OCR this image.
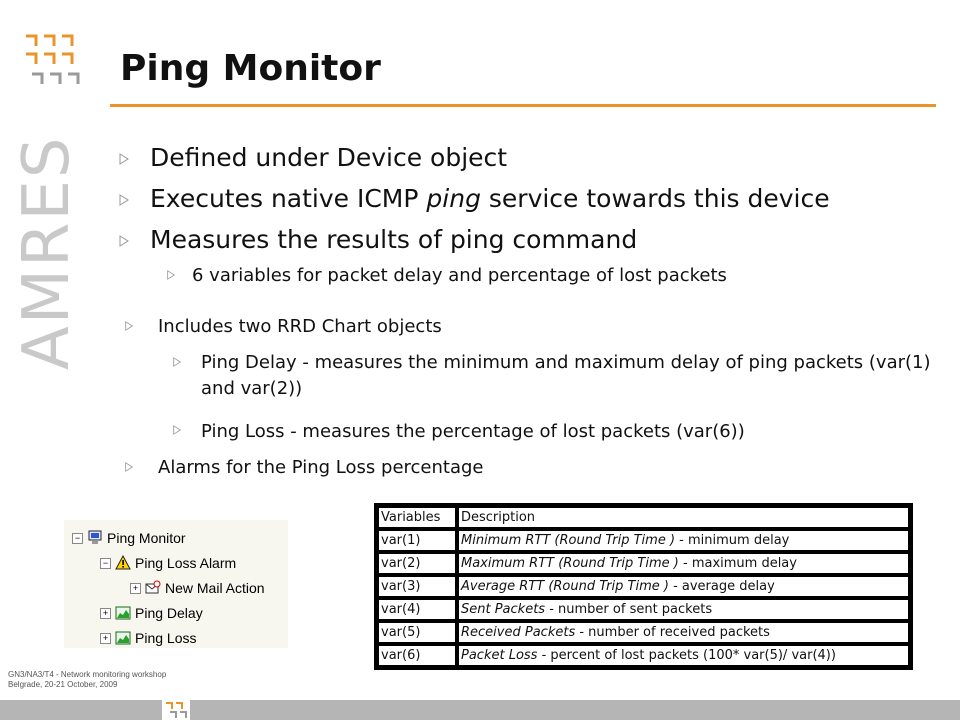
AMRES
Ping Monitor
Defined under Device object
Executes native ICMP ping service towards this device
Measures the results of ping command
6 variables for packet delay and percentage of lost packets
Includes two RRD Chart objects
Ping Delay - measures the minimum and maximum delay of ping packets (var(1) and var(2))
Ping Loss - measures the percentage of lost packets (var(6))
Alarms for the Ping Loss percentage
− Ping Monitor
− Ping Loss Alarm
+ New Mail Action
+ Ping Delay
+ Ping Loss
Variables	Description
var(1)	Minimum RTT (Round Trip Time ) - minimum delay
var(2)	Maximum RTT (Round Trip Time ) - maximum delay
var(3)	Average RTT (Round Trip Time ) - average delay
var(4)	Sent Packets - number of sent packets
var(5)	Received Packets - number of received packets
var(6)	Packet Loss - percent of lost packets (100* var(5)/ var(4))
GN3/NA3/T4 - Network monitoring workshop
Belgrade, 20-21 October, 2009
